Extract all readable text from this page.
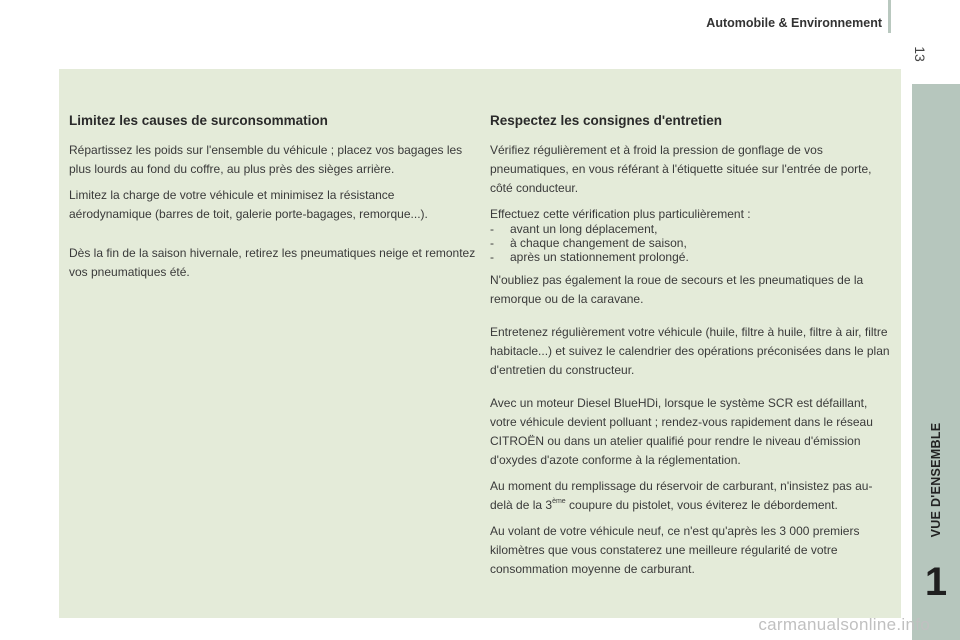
Automobile & Environnement
13
VUE D'ENSEMBLE
1
Limitez les causes de surconsommation

Répartissez les poids sur l'ensemble du véhicule ; placez vos bagages les plus lourds au fond du coffre, au plus près des sièges arrière.

Limitez la charge de votre véhicule et minimisez la résistance aérodynamique (barres de toit, galerie porte-bagages, remorque...).

Dès la fin de la saison hivernale, retirez les pneumatiques neige et remontez vos pneumatiques été.

Respectez les consignes d'entretien

Vérifiez régulièrement et à froid la pression de gonflage de vos pneumatiques, en vous référant à l'étiquette située sur l'entrée de porte, côté conducteur.

Effectuez cette vérification plus particulièrement :

- avant un long déplacement,
- à chaque changement de saison,
- après un stationnement prolongé.

N'oubliez pas également la roue de secours et les pneumatiques de la remorque ou de la caravane.

Entretenez régulièrement votre véhicule (huile, filtre à huile, filtre à air, filtre habitacle...) et suivez le calendrier des opérations préconisées dans le plan d'entretien du constructeur.

Avec un moteur Diesel BlueHDi, lorsque le système SCR est défaillant, votre véhicule devient polluant ; rendez-vous rapidement dans le réseau CITROËN ou dans un atelier qualifié pour rendre le niveau d'émission d'oxydes d'azote conforme à la réglementation.

Au moment du remplissage du réservoir de carburant, n'insistez pas au-delà de la 3ème coupure du pistolet, vous éviterez le débordement.

Au volant de votre véhicule neuf, ce n'est qu'après les 3 000 premiers kilomètres que vous constaterez une meilleure régularité de votre consommation moyenne de carburant.

carmanualsonline.info
